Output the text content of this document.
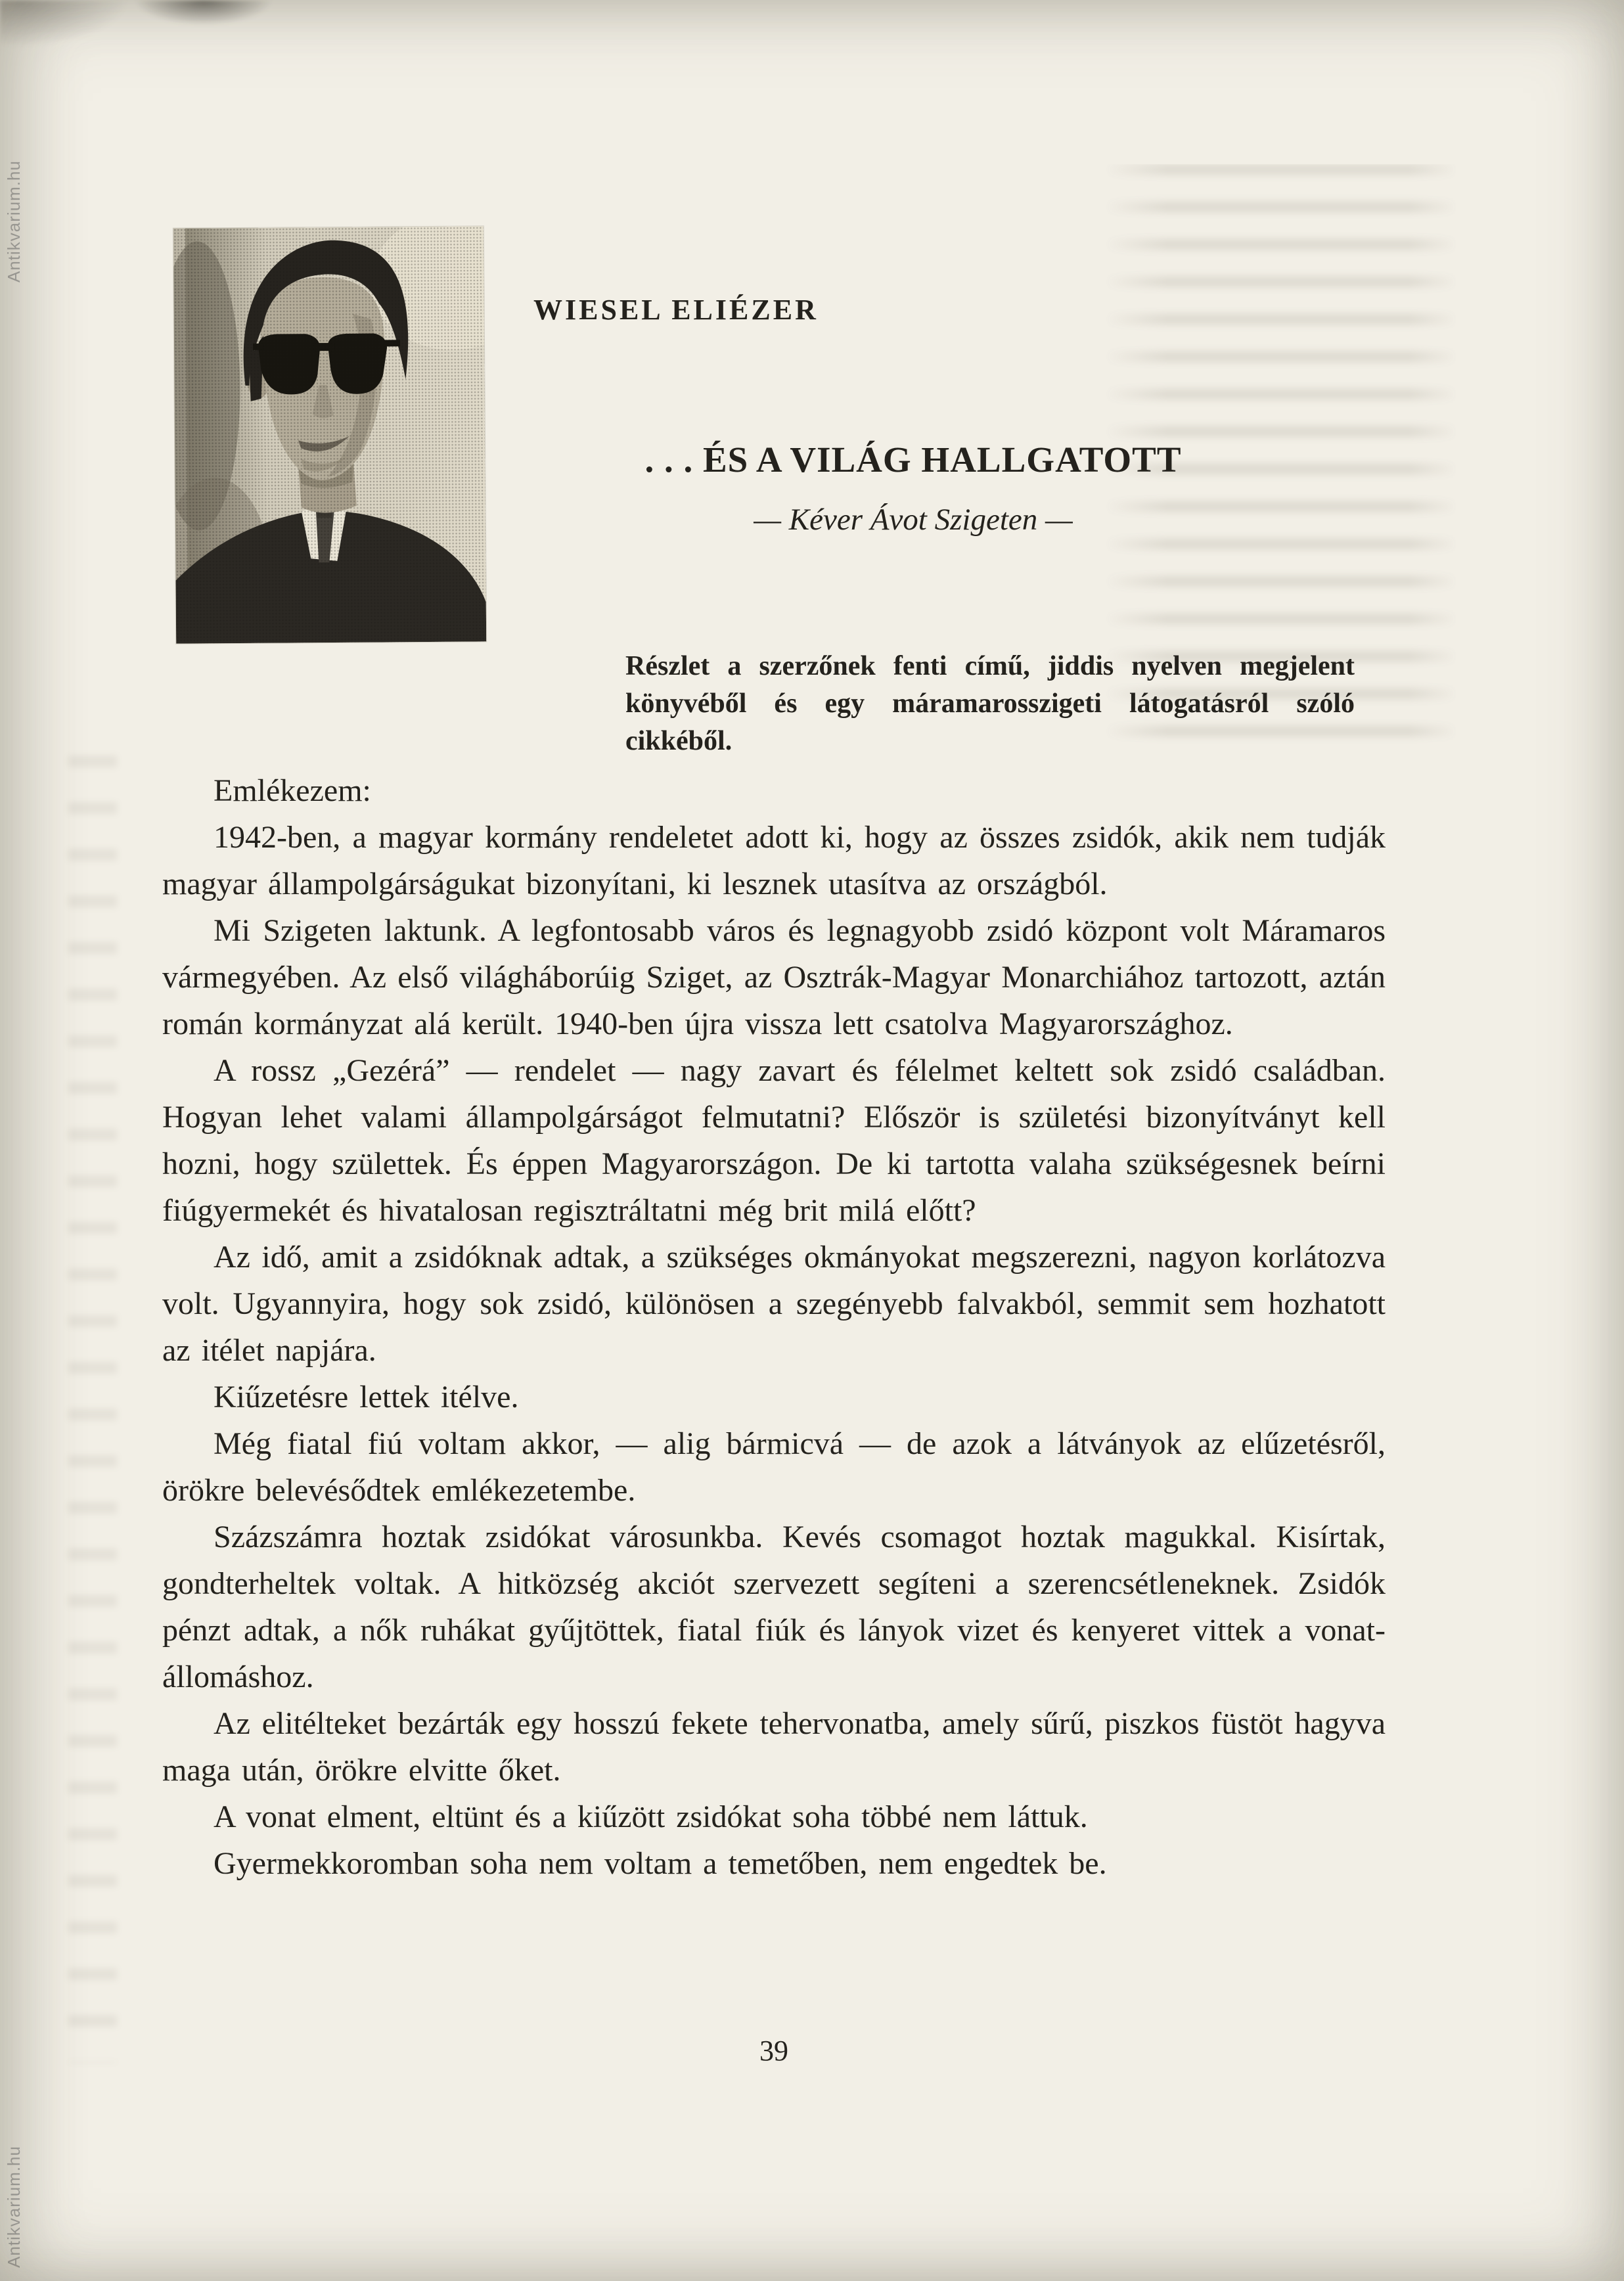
Antikvarium.hu
Antikvarium.hu
WIESEL ELIÉZER
. . . ÉS A VILÁG HALLGATOTT
— Kéver Ávot Szigeten —
Részlet a szerzőnek fenti című, jiddis nyelven megjelent könyvéből és egy máramarosszigeti látogatásról szóló cikkéből.

Emlékezem:

1942-ben, a magyar kormány rendeletet adott ki, hogy az összes zsidók, akik nem tudják magyar állampolgárságukat bizonyítani, ki lesznek utasítva az országból.

Mi Szigeten laktunk. A legfontosabb város és legnagyobb zsidó központ volt Máramaros vármegyében. Az első világháborúig Sziget, az Osztrák-Magyar Monarchiához tartozott, aztán román kormányzat alá került. 1940-ben újra vissza lett csatolva Magyarországhoz.

A rossz „Gezérá” — rendelet — nagy zavart és félelmet keltett sok zsidó családban. Hogyan lehet valami állampolgárságot felmutatni? Először is születési bizonyítványt kell hozni, hogy születtek. És éppen Magyarországon. De ki tartotta valaha szükségesnek beírni fiúgyermekét és hivatalosan regisztráltatni még brit milá előtt?

Az idő, amit a zsidóknak adtak, a szükséges okmányokat megszerezni, nagyon korlátozva volt. Ugyannyira, hogy sok zsidó, különösen a szegényebb falvakból, semmit sem hozhatott az itélet napjára.

Kiűzetésre lettek itélve.

Még fiatal fiú voltam akkor, — alig bármicvá — de azok a látványok az elűzetésről, örökre belevésődtek emlékezetembe.

Százszámra hoztak zsidókat városunkba. Kevés csomagot hoztak magukkal. Kisírtak, gondterheltek voltak. A hitközség akciót szervezett segíteni a szerencsétleneknek. Zsidók pénzt adtak, a nők ruhákat gyűjtöttek, fiatal fiúk és lányok vizet és kenyeret vittek a vonat-állomáshoz.

Az elitélteket bezárták egy hosszú fekete tehervonatba, amely sűrű, piszkos füstöt hagyva maga után, örökre elvitte őket.

A vonat elment, eltünt és a kiűzött zsidókat soha többé nem láttuk.

Gyermekkoromban soha nem voltam a temetőben, nem engedtek be.

39
